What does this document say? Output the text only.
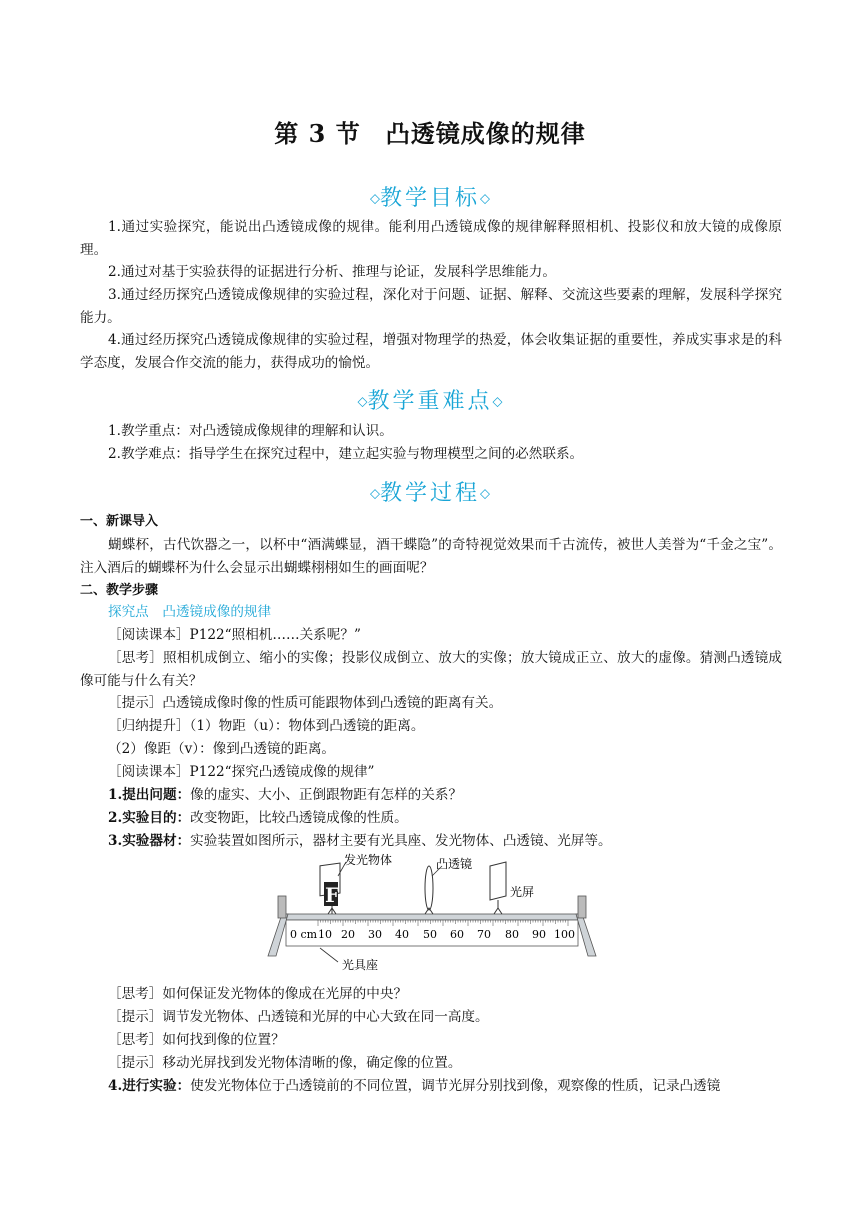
第 3 节　凸透镜成像的规律
◇教学目标◇
1.通过实验探究，能说出凸透镜成像的规律。能利用凸透镜成像的规律解释照相机、投影仪和放大镜的成像原理。
2.通过对基于实验获得的证据进行分析、推理与论证，发展科学思维能力。
3.通过经历探究凸透镜成像规律的实验过程，深化对于问题、证据、解释、交流这些要素的理解，发展科学探究能力。
4.通过经历探究凸透镜成像规律的实验过程，增强对物理学的热爱，体会收集证据的重要性，养成实事求是的科学态度，发展合作交流的能力，获得成功的愉悦。
◇教学重难点◇
1.教学重点：对凸透镜成像规律的理解和认识。
2.教学难点：指导学生在探究过程中，建立起实验与物理模型之间的必然联系。
◇教学过程◇
一、新课导入
蝴蝶杯，古代饮器之一，以杯中“酒满蝶显，酒干蝶隐”的奇特视觉效果而千古流传，被世人美誉为“千金之宝”。注入酒后的蝴蝶杯为什么会显示出蝴蝶栩栩如生的画面呢？
二、教学步骤
探究点　凸透镜成像的规律
［阅读课本］P122“照相机……关系呢？”
［思考］照相机成倒立、缩小的实像；投影仪成倒立、放大的实像；放大镜成正立、放大的虚像。猜测凸透镜成像可能与什么有关？
［提示］凸透镜成像时像的性质可能跟物体到凸透镜的距离有关。
［归纳提升］（1）物距（u）：物体到凸透镜的距离。
（2）像距（v）：像到凸透镜的距离。
［阅读课本］P122“探究凸透镜成像的规律”
1.提出问题：像的虚实、大小、正倒跟物距有怎样的关系？
2.实验目的：改变物距，比较凸透镜成像的性质。
3.实验器材：实验装置如图所示，器材主要有光具座、发光物体、凸透镜、光屏等。
0 cm 10 20 30 40 50 60 70 80 90 100
F
发光物体	凸透镜
光屏
光具座
［思考］如何保证发光物体的像成在光屏的中央？
［提示］调节发光物体、凸透镜和光屏的中心大致在同一高度。
［思考］如何找到像的位置？
［提示］移动光屏找到发光物体清晰的像，确定像的位置。
4.进行实验：使发光物体位于凸透镜前的不同位置，调节光屏分别找到像，观察像的性质，记录凸透镜
